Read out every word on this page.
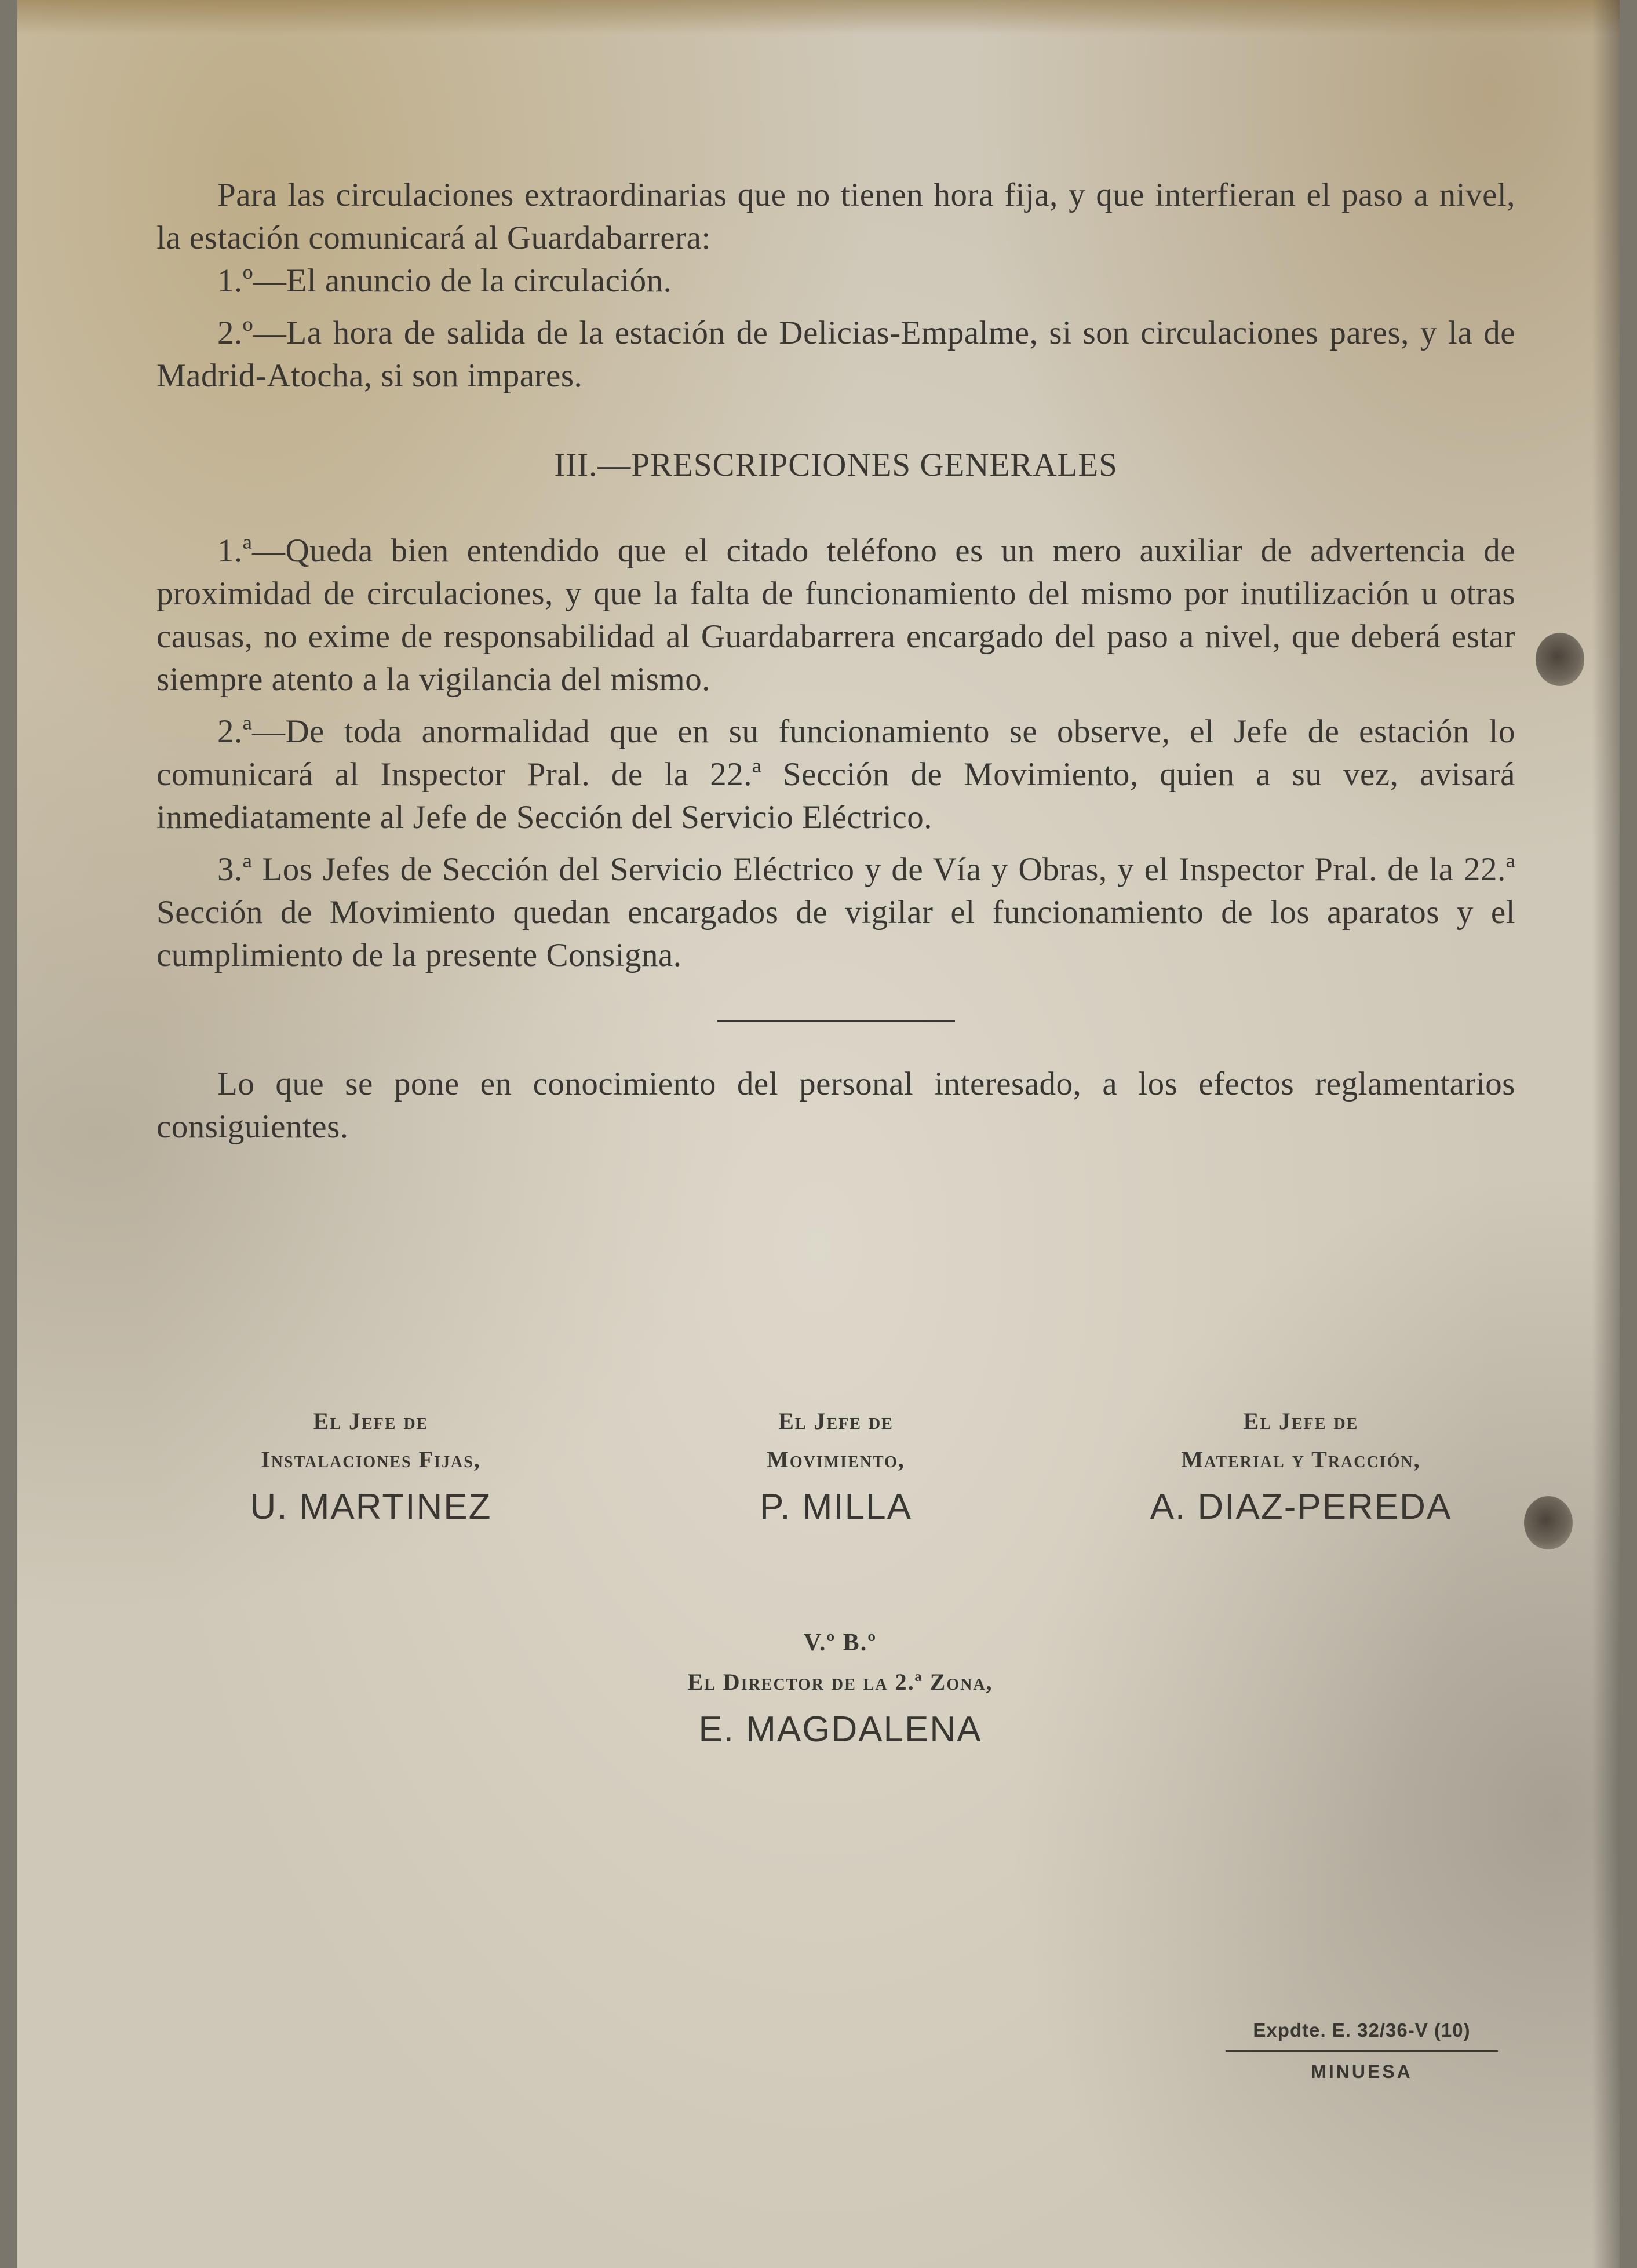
Para las circulaciones extraordinarias que no tienen hora fija, y que interfieran el paso a nivel, la estación comunicará al Guardabarrera:

1.º—El anuncio de la circulación.

2.º—La hora de salida de la estación de Delicias-Empalme, si son circulaciones pares, y la de Madrid-Atocha, si son impares.

III.—PRESCRIPCIONES GENERALES

1.ª—Queda bien entendido que el citado teléfono es un mero auxiliar de advertencia de proximidad de circulaciones, y que la falta de funcionamiento del mismo por inutilización u otras causas, no exime de responsabilidad al Guardabarrera encargado del paso a nivel, que deberá estar siempre atento a la vigilancia del mismo.

2.ª—De toda anormalidad que en su funcionamiento se observe, el Jefe de estación lo comunicará al Inspector Pral. de la 22.ª Sección de Movimiento, quien a su vez, avisará inmediatamente al Jefe de Sección del Servicio Eléctrico.

3.ª Los Jefes de Sección del Servicio Eléctrico y de Vía y Obras, y el Inspector Pral. de la 22.ª Sección de Movimiento quedan encargados de vigilar el funcionamiento de los aparatos y el cumplimiento de la presente Consigna.

Lo que se pone en conocimiento del personal interesado, a los efectos reglamentarios consiguientes.

El Jefe de
Instalaciones Fijas,
U. MARTINEZ
El Jefe de
Movimiento,
P. MILLA
El Jefe de
Material y Tracción,
A. DIAZ-PEREDA
V.º B.º
El Director de la 2.ª Zona,
E. MAGDALENA
Expdte. E. 32/36-V (10)
MINUESA
